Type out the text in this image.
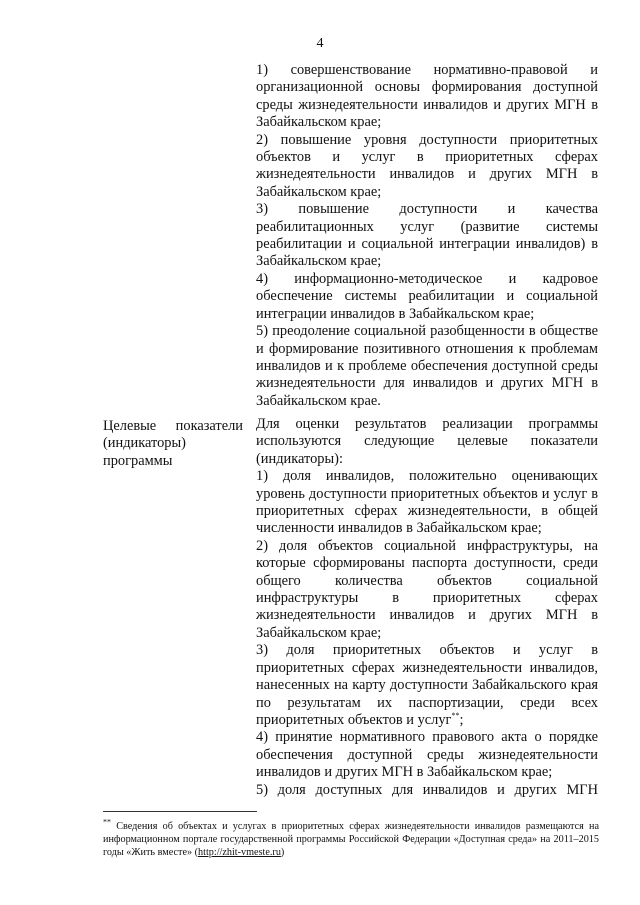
4

1) совершенствование нормативно-правовой и организационной основы формирования доступной среды жизнедеятельности инвалидов и других МГН в Забайкальском крае;

2) повышение уровня доступности приоритетных объектов и услуг в приоритетных сферах жизнедеятельности инвалидов и других МГН в Забайкальском крае;

3) повышение доступности и качества реабилитационных услуг (развитие системы реабилитации и социальной интеграции инвалидов) в Забайкальском крае;

4) информационно-методическое и кадровое обеспечение системы реабилитации и социальной интеграции инвалидов в Забайкальском крае;

5) преодоление социальной разобщенности в обществе и формирование позитивного отношения к проблемам инвалидов и к проблеме обеспечения доступной среды жизнедеятельности для инвалидов и других МГН в Забайкальском крае.

Целевые показатели
(индикаторы)
программы

Для оценки результатов реализации программы используются следующие целевые показатели (индикаторы):

1) доля инвалидов, положительно оценивающих уровень доступности приоритетных объектов и услуг в приоритетных сферах жизнедеятельности, в общей численности инвалидов в Забайкальском крае;

2) доля объектов социальной инфраструктуры, на которые сформированы паспорта доступности, среди общего количества объектов социальной инфраструктуры в приоритетных сферах жизнедеятельности инвалидов и других МГН в Забайкальском крае;

3) доля приоритетных объектов и услуг в приоритетных сферах жизнедеятельности инвалидов, нанесенных на карту доступности Забайкальского края по результатам их паспортизации, среди всех приоритетных объектов и услуг**;

4) принятие нормативного правового акта о порядке обеспечения доступной среды жизнедеятельности инвалидов и других МГН в Забайкальском крае;

5) доля доступных для инвалидов и других МГН

** Сведения об объектах и услугах в приоритетных сферах жизнедеятельности инвалидов размещаются на информационном портале государственной программы Российской Федерации «Доступная среда» на 2011–2015 годы «Жить вместе» (http://zhit-vmeste.ru)
